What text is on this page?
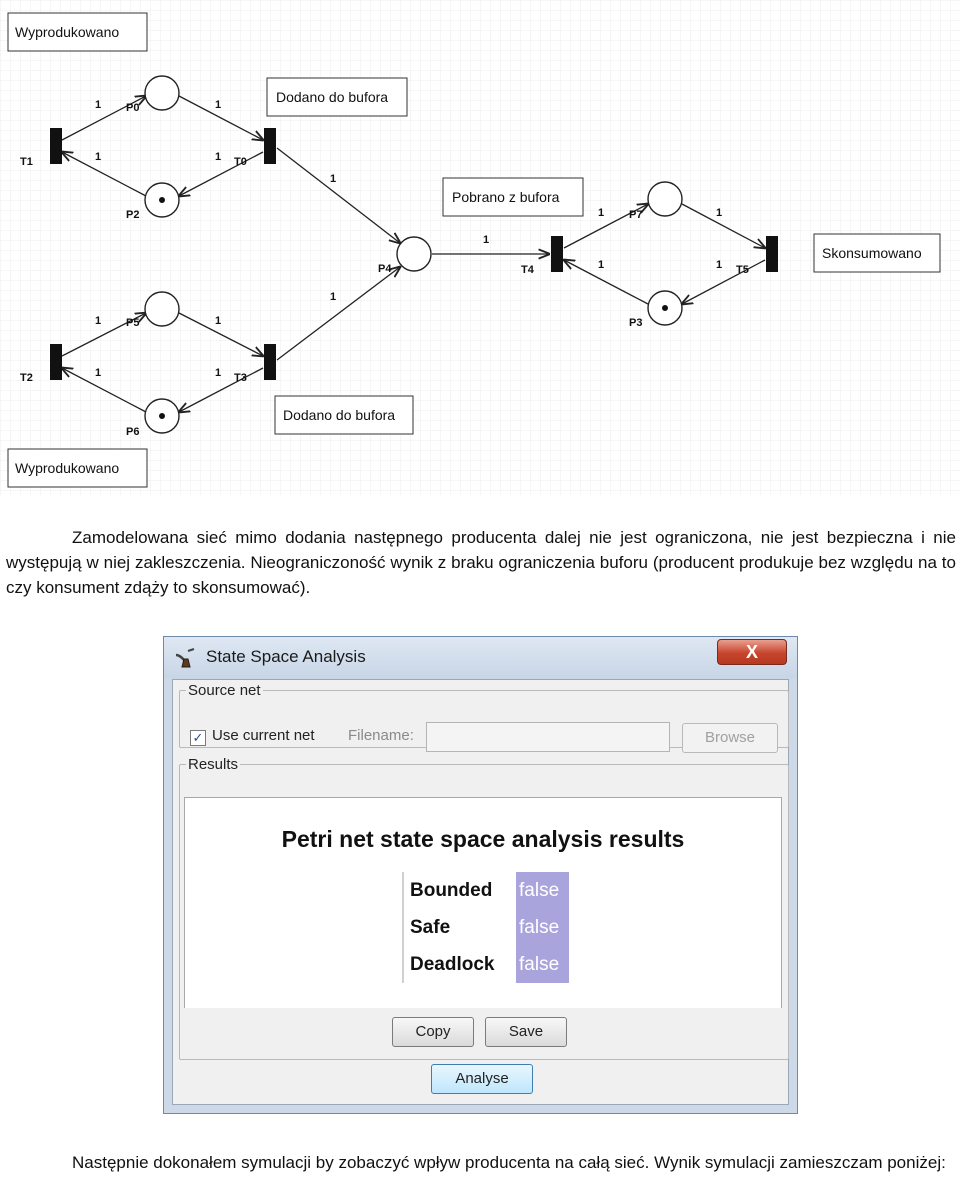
1	1
1	1
1	1
1	1
1
1
1
1	1
1	1
P0
P2
P5
P6
P4
P7
P3
T1	T0
T2	T3
T4	T5
Wyprodukowano
Dodano do bufora
Pobrano z bufora
Skonsumowano
Dodano do bufora
Wyprodukowano
Zamodelowana sieć mimo dodania następnego producenta dalej nie jest ograniczona, nie jest bezpieczna i nie występują w niej zakleszczenia. Nieograniczoność wynik z braku ograniczenia buforu (producent produkuje bez względu na to czy konsument zdąży to skonsumować).
State Space Analysis	X
Source net
✓ Use current net Filename:	Browse
Results
Petri net state space analysis results
Bounded	false
Safe	false
Deadlock	false
Copy	Save
Analyse
Następnie dokonałem symulacji by zobaczyć wpływ producenta na całą sieć. Wynik symulacji zamieszczam poniżej:
